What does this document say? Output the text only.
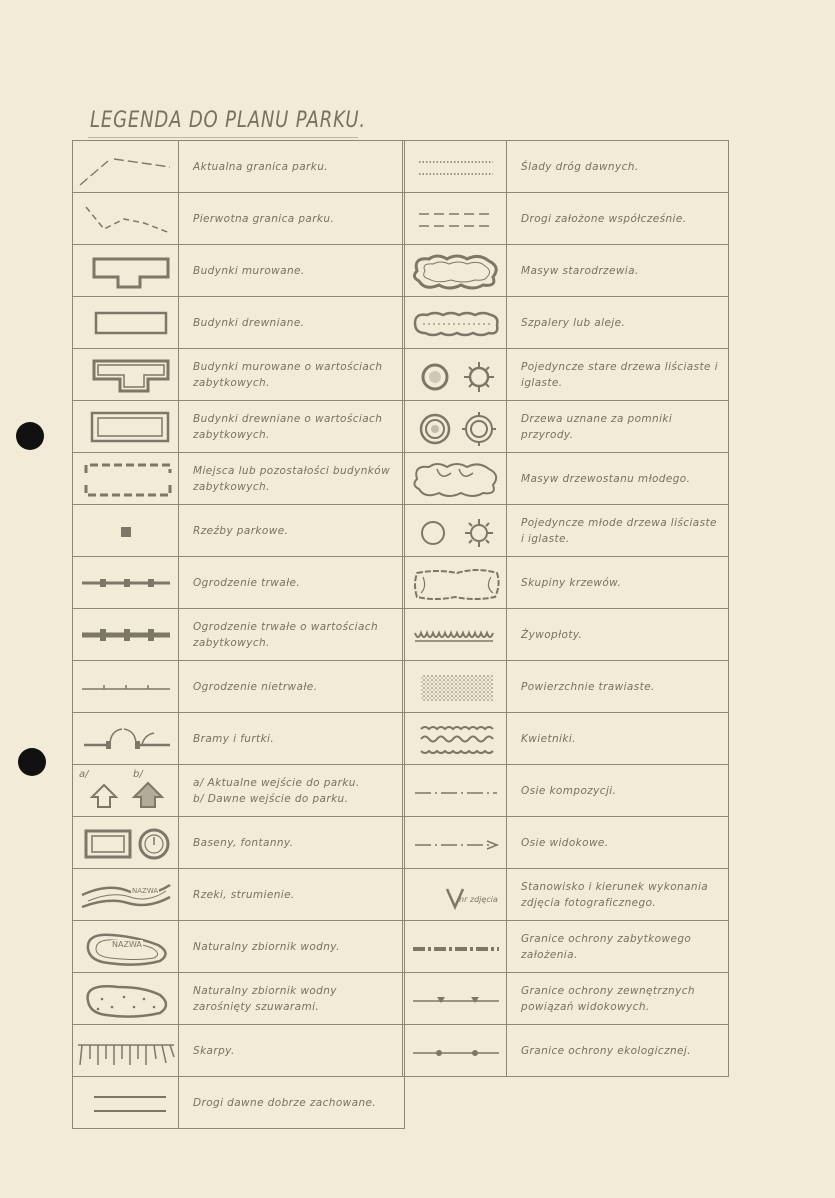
LEGENDA DO PLANU PARKU.
Aktualna granica parku.
Pierwotna granica parku.
Budynki murowane.
Budynki drewniane.
Budynki murowane o wartościach zabytkowych.
Budynki drewniane o wartościach zabytkowych.
Miejsca lub pozostałości budynków zabytkowych.
Rzeźby parkowe.
Ogrodzenie trwałe.
Ogrodzenie trwałe o wartościach zabytkowych.
Ogrodzenie nietrwałe.
Bramy i furtki.
a/	b/
a/ Aktualne wejście do parku.
b/ Dawne wejście do parku.
Baseny, fontanny.
NAZWA	Rzeki, strumienie.
NAZWA	Naturalny zbiornik wodny.
Naturalny zbiornik wodny zarośnięty szuwarami.
Skarpy.
Drogi dawne dobrze zachowane.
Ślady dróg dawnych.
Drogi założone współcześnie.
Masyw starodrzewia.
Szpalery lub aleje.
Pojedyncze stare drzewa liściaste i iglaste.
Drzewa uznane za pomniki przyrody.
Masyw drzewostanu młodego.
Pojedyncze młode drzewa liściaste i iglaste.
Skupiny krzewów.
Żywopłoty.
Powierzchnie trawiaste.
Kwietniki.
Osie kompozycji.
Osie widokowe.
nr zdjęcia
Stanowisko i kierunek wykonania zdjęcia fotograficznego.
Granice ochrony zabytkowego założenia.
Granice ochrony zewnętrznych powiązań widokowych.
Granice ochrony ekologicznej.
